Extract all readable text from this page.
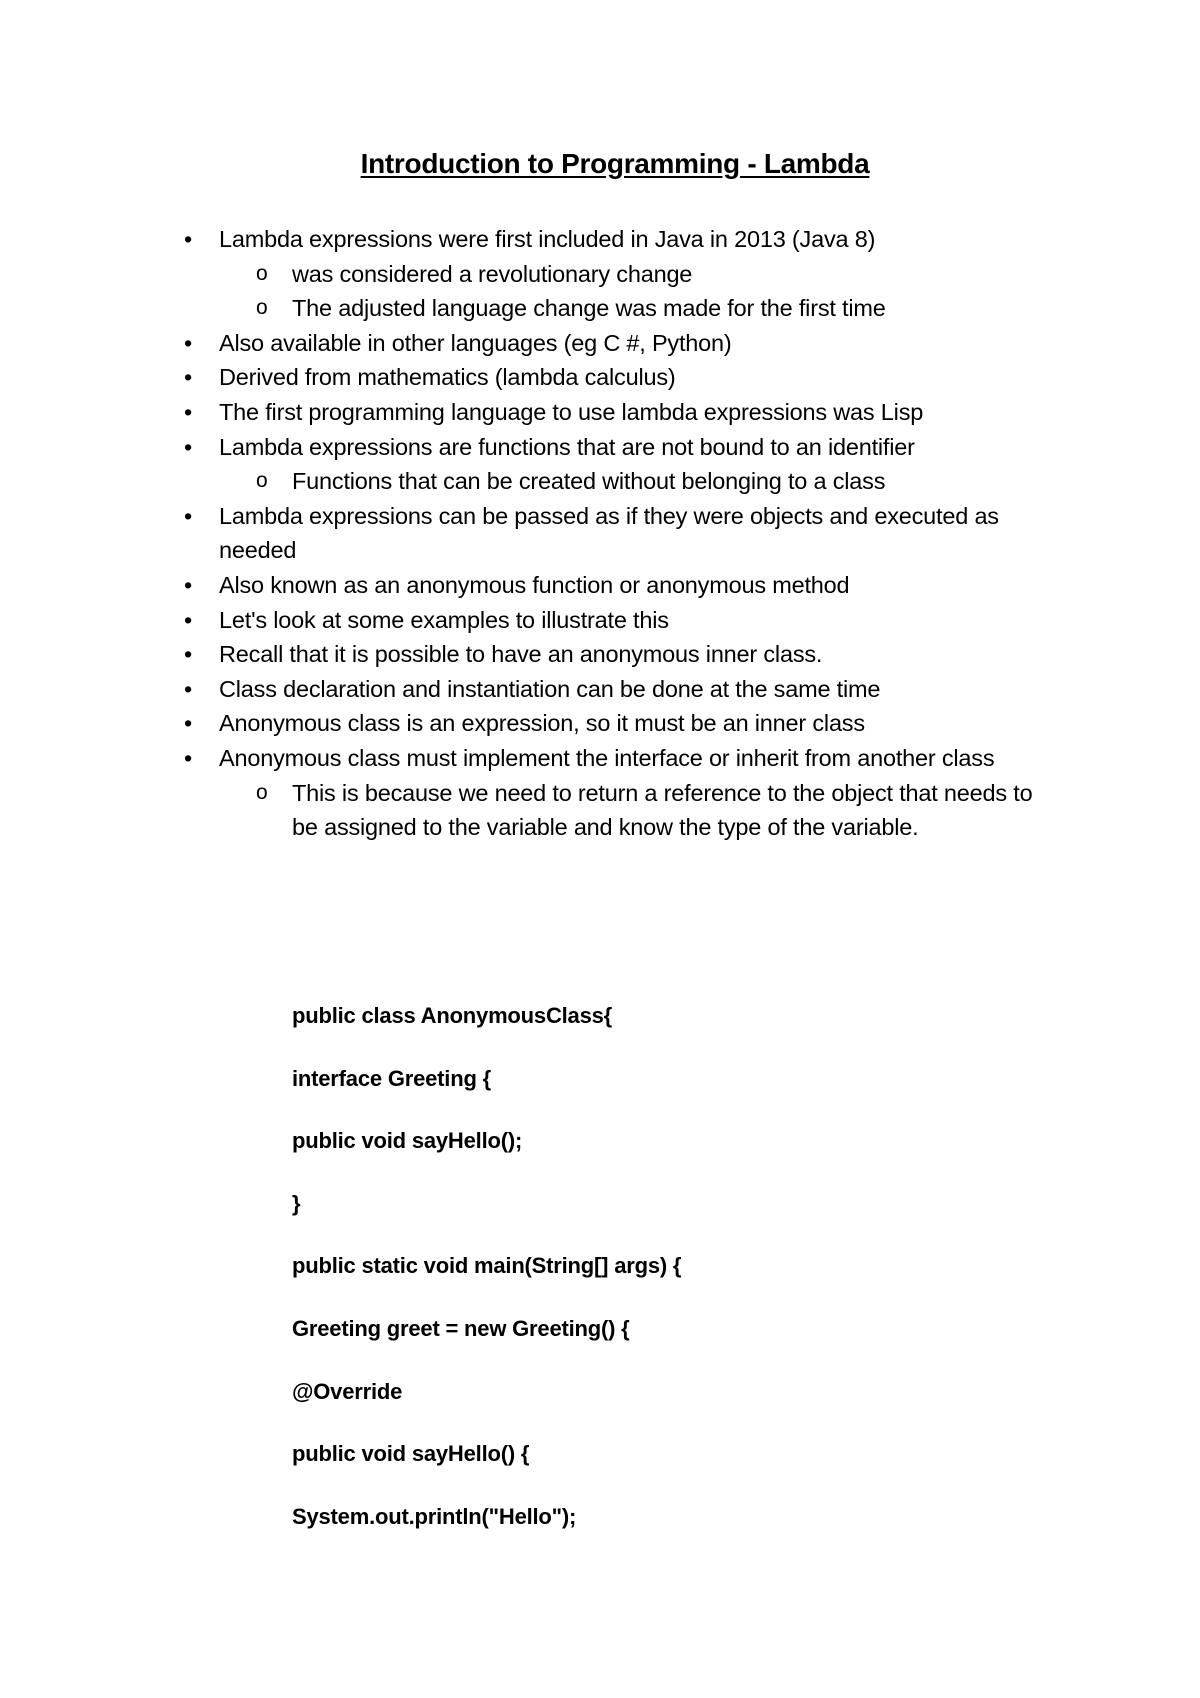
Introduction to Programming - Lambda
•	Lambda expressions were first included in Java in 2013 (Java 8)
o	was considered a revolutionary change
o	The adjusted language change was made for the first time
•	Also available in other languages (eg C #, Python)
•	Derived from mathematics (lambda calculus)
•	The first programming language to use lambda expressions was Lisp
•	Lambda expressions are functions that are not bound to an identifier
o	Functions that can be created without belonging to a class
•	Lambda expressions can be passed as if they were objects and executed as needed
•	Also known as an anonymous function or anonymous method
•	Let's look at some examples to illustrate this
•	Recall that it is possible to have an anonymous inner class.
•	Class declaration and instantiation can be done at the same time
•	Anonymous class is an expression, so it must be an inner class
•	Anonymous class must implement the interface or inherit from another class
o	This is because we need to return a reference to the object that needs to be assigned to the variable and know the type of the variable.
public class AnonymousClass{
interface Greeting {
public void sayHello();
}
public static void main(String[] args) {
Greeting greet = new Greeting() {
@Override
public void sayHello() {
System.out.println("Hello");
